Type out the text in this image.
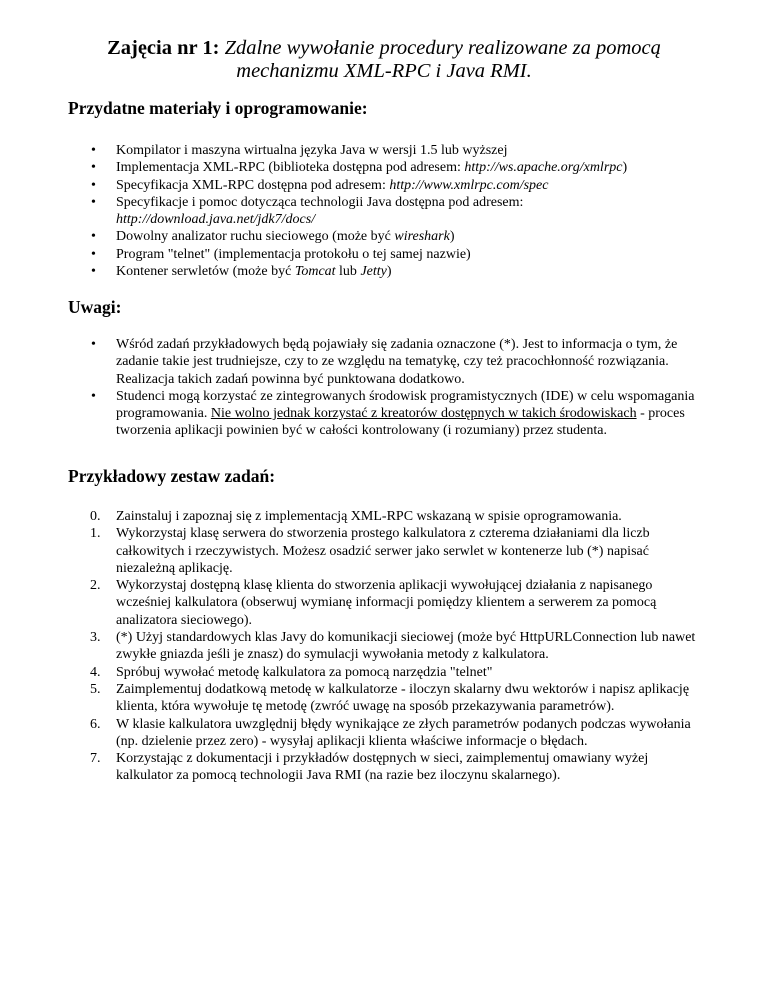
Zajęcia nr 1: Zdalne wywołanie procedury realizowane za pomocą mechanizmu XML-RPC i Java RMI.
Przydatne materiały i oprogramowanie:
• Kompilator i maszyna wirtualna języka Java w wersji 1.5 lub wyższej
• Implementacja XML-RPC (biblioteka dostępna pod adresem: http://ws.apache.org/xmlrpc)
• Specyfikacja XML-RPC dostępna pod adresem: http://www.xmlrpc.com/spec
• Specyfikacje i pomoc dotycząca technologii Java dostępna pod adresem: http://download.java.net/jdk7/docs/
• Dowolny analizator ruchu sieciowego (może być wireshark)
• Program "telnet" (implementacja protokołu o tej samej nazwie)
• Kontener serwletów (może być Tomcat lub Jetty)
Uwagi:
• Wśród zadań przykładowych będą pojawiały się zadania oznaczone (*). Jest to informacja o tym, że zadanie takie jest trudniejsze, czy to ze względu na tematykę, czy też pracochłonność rozwiązania. Realizacja takich zadań powinna być punktowana dodatkowo.
• Studenci mogą korzystać ze zintegrowanych środowisk programistycznych (IDE) w celu wspomagania programowania. Nie wolno jednak korzystać z kreatorów dostępnych w takich środowiskach - proces tworzenia aplikacji powinien być w całości kontrolowany (i rozumiany) przez studenta.
Przykładowy zestaw zadań:
0. Zainstaluj i zapoznaj się z implementacją XML-RPC wskazaną w spisie oprogramowania.
1. Wykorzystaj klasę serwera do stworzenia prostego kalkulatora z czterema działaniami dla liczb całkowitych i rzeczywistych. Możesz osadzić serwer jako serwlet w kontenerze lub (*) napisać niezależną aplikację.
2. Wykorzystaj dostępną klasę klienta do stworzenia aplikacji wywołującej działania z napisanego wcześniej kalkulatora (obserwuj wymianę informacji pomiędzy klientem a serwerem za pomocą analizatora sieciowego).
3. (*) Użyj standardowych klas Javy do komunikacji sieciowej (może być HttpURLConnection lub nawet zwykłe gniazda jeśli je znasz) do symulacji wywołania metody z kalkulatora.
4. Spróbuj wywołać metodę kalkulatora za pomocą narzędzia "telnet"
5. Zaimplementuj dodatkową metodę w kalkulatorze - iloczyn skalarny dwu wektorów i napisz aplikację klienta, która wywołuje tę metodę (zwróć uwagę na sposób przekazywania parametrów).
6. W klasie kalkulatora uwzględnij błędy wynikające ze złych parametrów podanych podczas wywołania (np. dzielenie przez zero) - wysyłaj aplikacji klienta właściwe informacje o błędach.
7. Korzystając z dokumentacji i przykładów dostępnych w sieci, zaimplementuj omawiany wyżej kalkulator za pomocą technologii Java RMI (na razie bez iloczynu skalarnego).
